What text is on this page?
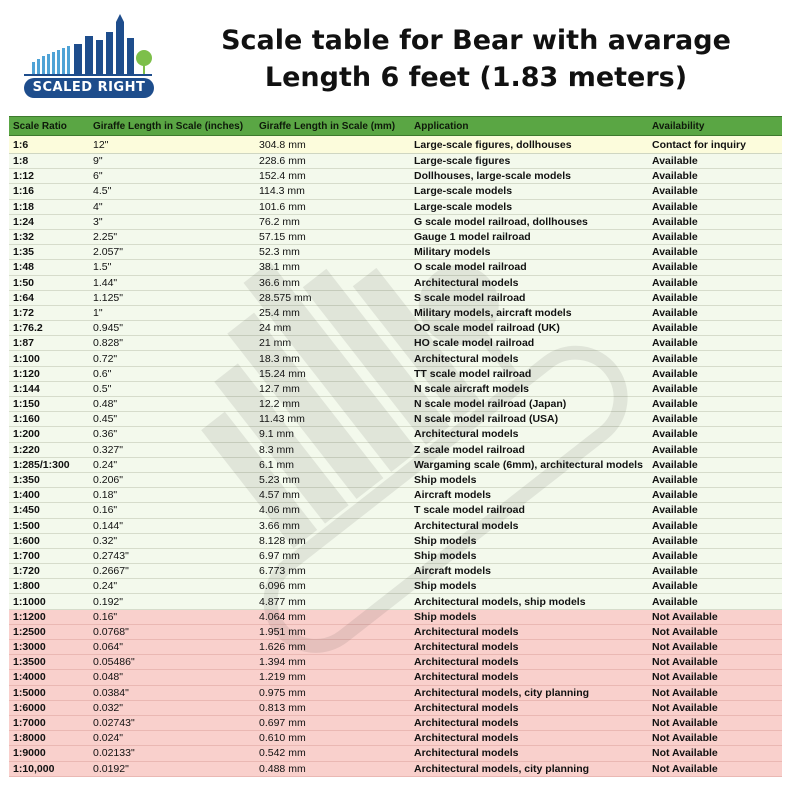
SCALED RIGHT
Scale table for Bear with avarage
Length 6 feet (1.83 meters)
Scale Ratio	Giraffe Length in Scale (inches)	Giraffe Length in Scale (mm)	Application	Availability
1:6	12"	304.8 mm	Large-scale figures, dollhouses	Contact for inquiry
1:8	9"	228.6 mm	Large-scale figures	Available
1:12	6"	152.4 mm	Dollhouses, large-scale models	Available
1:16	4.5"	114.3 mm	Large-scale models	Available
1:18	4"	101.6 mm	Large-scale models	Available
1:24	3"	76.2 mm	G scale model railroad, dollhouses	Available
1:32	2.25"	57.15 mm	Gauge 1 model railroad	Available
1:35	2.057"	52.3 mm	Military models	Available
1:48	1.5"	38.1 mm	O scale model railroad	Available
1:50	1.44"	36.6 mm	Architectural models	Available
1:64	1.125"	28.575 mm	S scale model railroad	Available
1:72	1"	25.4 mm	Military models, aircraft models	Available
1:76.2	0.945"	24 mm	OO scale model railroad (UK)	Available
1:87	0.828"	21 mm	HO scale model railroad	Available
1:100	0.72"	18.3 mm	Architectural models	Available
1:120	0.6"	15.24 mm	TT scale model railroad	Available
1:144	0.5"	12.7 mm	N scale aircraft models	Available
1:150	0.48"	12.2 mm	N scale model railroad (Japan)	Available
1:160	0.45"	11.43 mm	N scale model railroad (USA)	Available
1:200	0.36"	9.1 mm	Architectural models	Available
1:220	0.327"	8.3 mm	Z scale model railroad	Available
1:285/1:300	0.24"	6.1 mm	Wargaming scale (6mm), architectural models	Available
1:350	0.206"	5.23 mm	Ship models	Available
1:400	0.18"	4.57 mm	Aircraft models	Available
1:450	0.16"	4.06 mm	T scale model railroad	Available
1:500	0.144"	3.66 mm	Architectural models	Available
1:600	0.32"	8.128 mm	Ship models	Available
1:700	0.2743"	6.97 mm	Ship models	Available
1:720	0.2667"	6.773 mm	Aircraft models	Available
1:800	0.24"	6.096 mm	Ship models	Available
1:1000	0.192"	4.877 mm	Architectural models, ship models	Available
1:1200	0.16"	4.064 mm	Ship models	Not Available
1:2500	0.0768"	1.951 mm	Architectural models	Not Available
1:3000	0.064"	1.626 mm	Architectural models	Not Available
1:3500	0.05486"	1.394 mm	Architectural models	Not Available
1:4000	0.048"	1.219 mm	Architectural models	Not Available
1:5000	0.0384"	0.975 mm	Architectural models, city planning	Not Available
1:6000	0.032"	0.813 mm	Architectural models	Not Available
1:7000	0.02743"	0.697 mm	Architectural models	Not Available
1:8000	0.024"	0.610 mm	Architectural models	Not Available
1:9000	0.02133"	0.542 mm	Architectural models	Not Available
1:10,000	0.0192"	0.488 mm	Architectural models, city planning	Not Available
